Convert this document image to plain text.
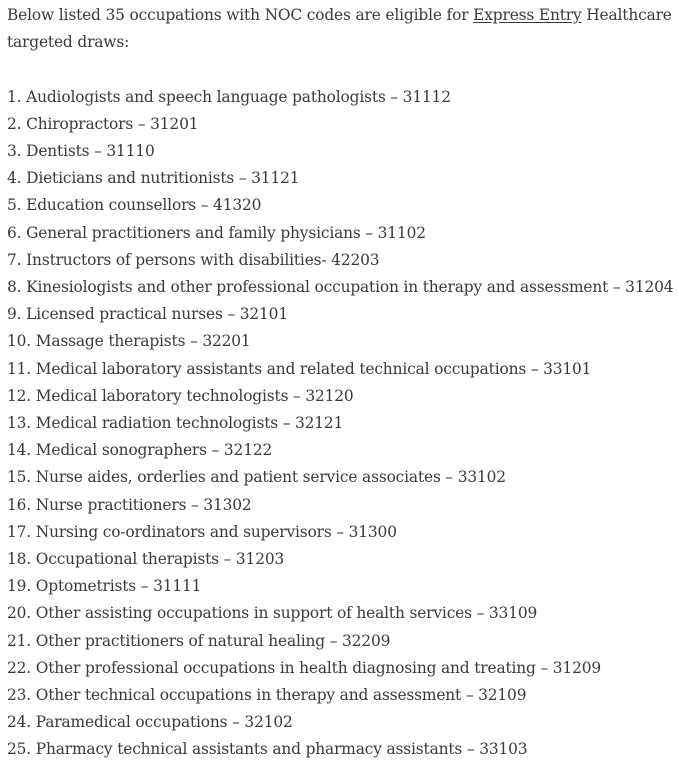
Below listed 35 occupations with NOC codes are eligible for Express Entry Healthcare targeted draws:

1. Audiologists and speech language pathologists – 31112
2. Chiropractors – 31201
3. Dentists – 31110
4. Dieticians and nutritionists – 31121
5. Education counsellors – 41320
6. General practitioners and family physicians – 31102
7. Instructors of persons with disabilities- 42203
8. Kinesiologists and other professional occupation in therapy and assessment – 31204
9. Licensed practical nurses – 32101
10. Massage therapists – 32201
11. Medical laboratory assistants and related technical occupations – 33101
12. Medical laboratory technologists – 32120
13. Medical radiation technologists – 32121
14. Medical sonographers – 32122
15. Nurse aides, orderlies and patient service associates – 33102
16. Nurse practitioners – 31302
17. Nursing co-ordinators and supervisors – 31300
18. Occupational therapists – 31203
19. Optometrists – 31111
20. Other assisting occupations in support of health services – 33109
21. Other practitioners of natural healing – 32209
22. Other professional occupations in health diagnosing and treating – 31209
23. Other technical occupations in therapy and assessment – 32109
24. Paramedical occupations – 32102
25. Pharmacy technical assistants and pharmacy assistants – 33103
